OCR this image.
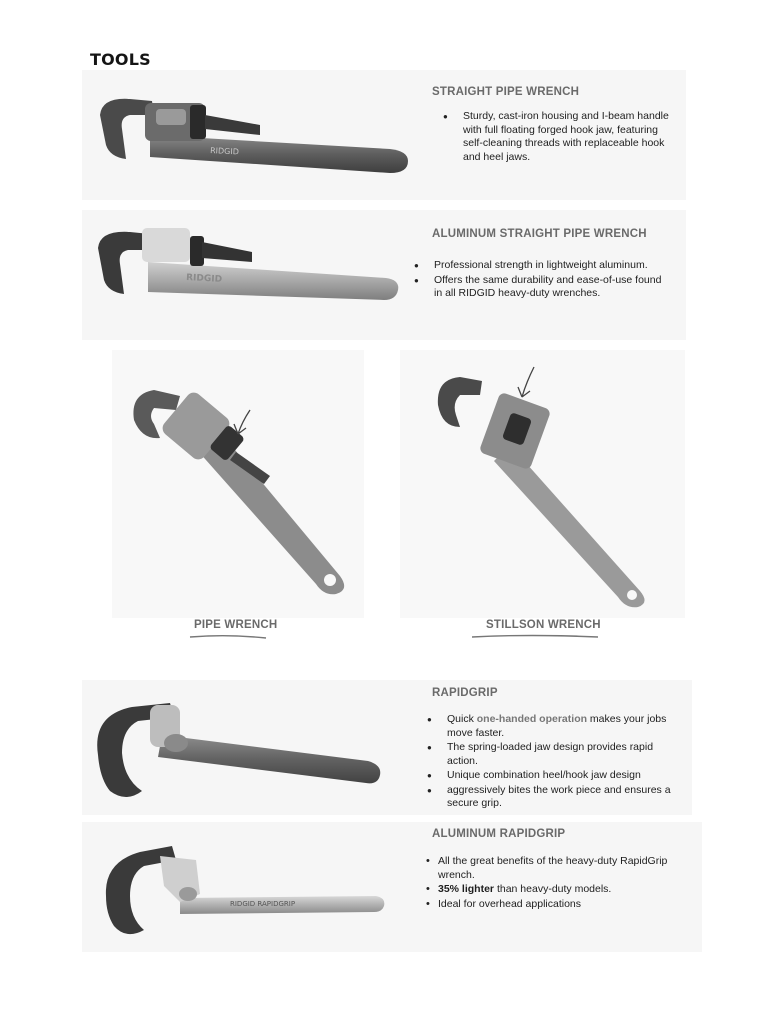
TOOLS
RIDGID
STRAIGHT PIPE WRENCH
● Sturdy, cast-iron housing and I-beam handle with full floating forged hook jaw, featuring self-cleaning threads with replaceable hook and heel jaws.
RIDGID
ALUMINUM STRAIGHT PIPE WRENCH
● Professional strength in lightweight aluminum.
● Offers the same durability and ease-of-use found in all RIDGID heavy-duty wrenches.
PIPE WRENCH	STILLSON WRENCH
RAPIDGRIP
● Quick one-handed operation makes your jobs move faster.
● The spring-loaded jaw design provides rapid action.
● Unique combination heel/hook jaw design
● aggressively bites the work piece and ensures a secure grip.
RIDGID RAPIDGRIP
ALUMINUM RAPIDGRIP
• All the great benefits of the heavy-duty RapidGrip wrench.
• 35% lighter than heavy-duty models.
• Ideal for overhead applications
